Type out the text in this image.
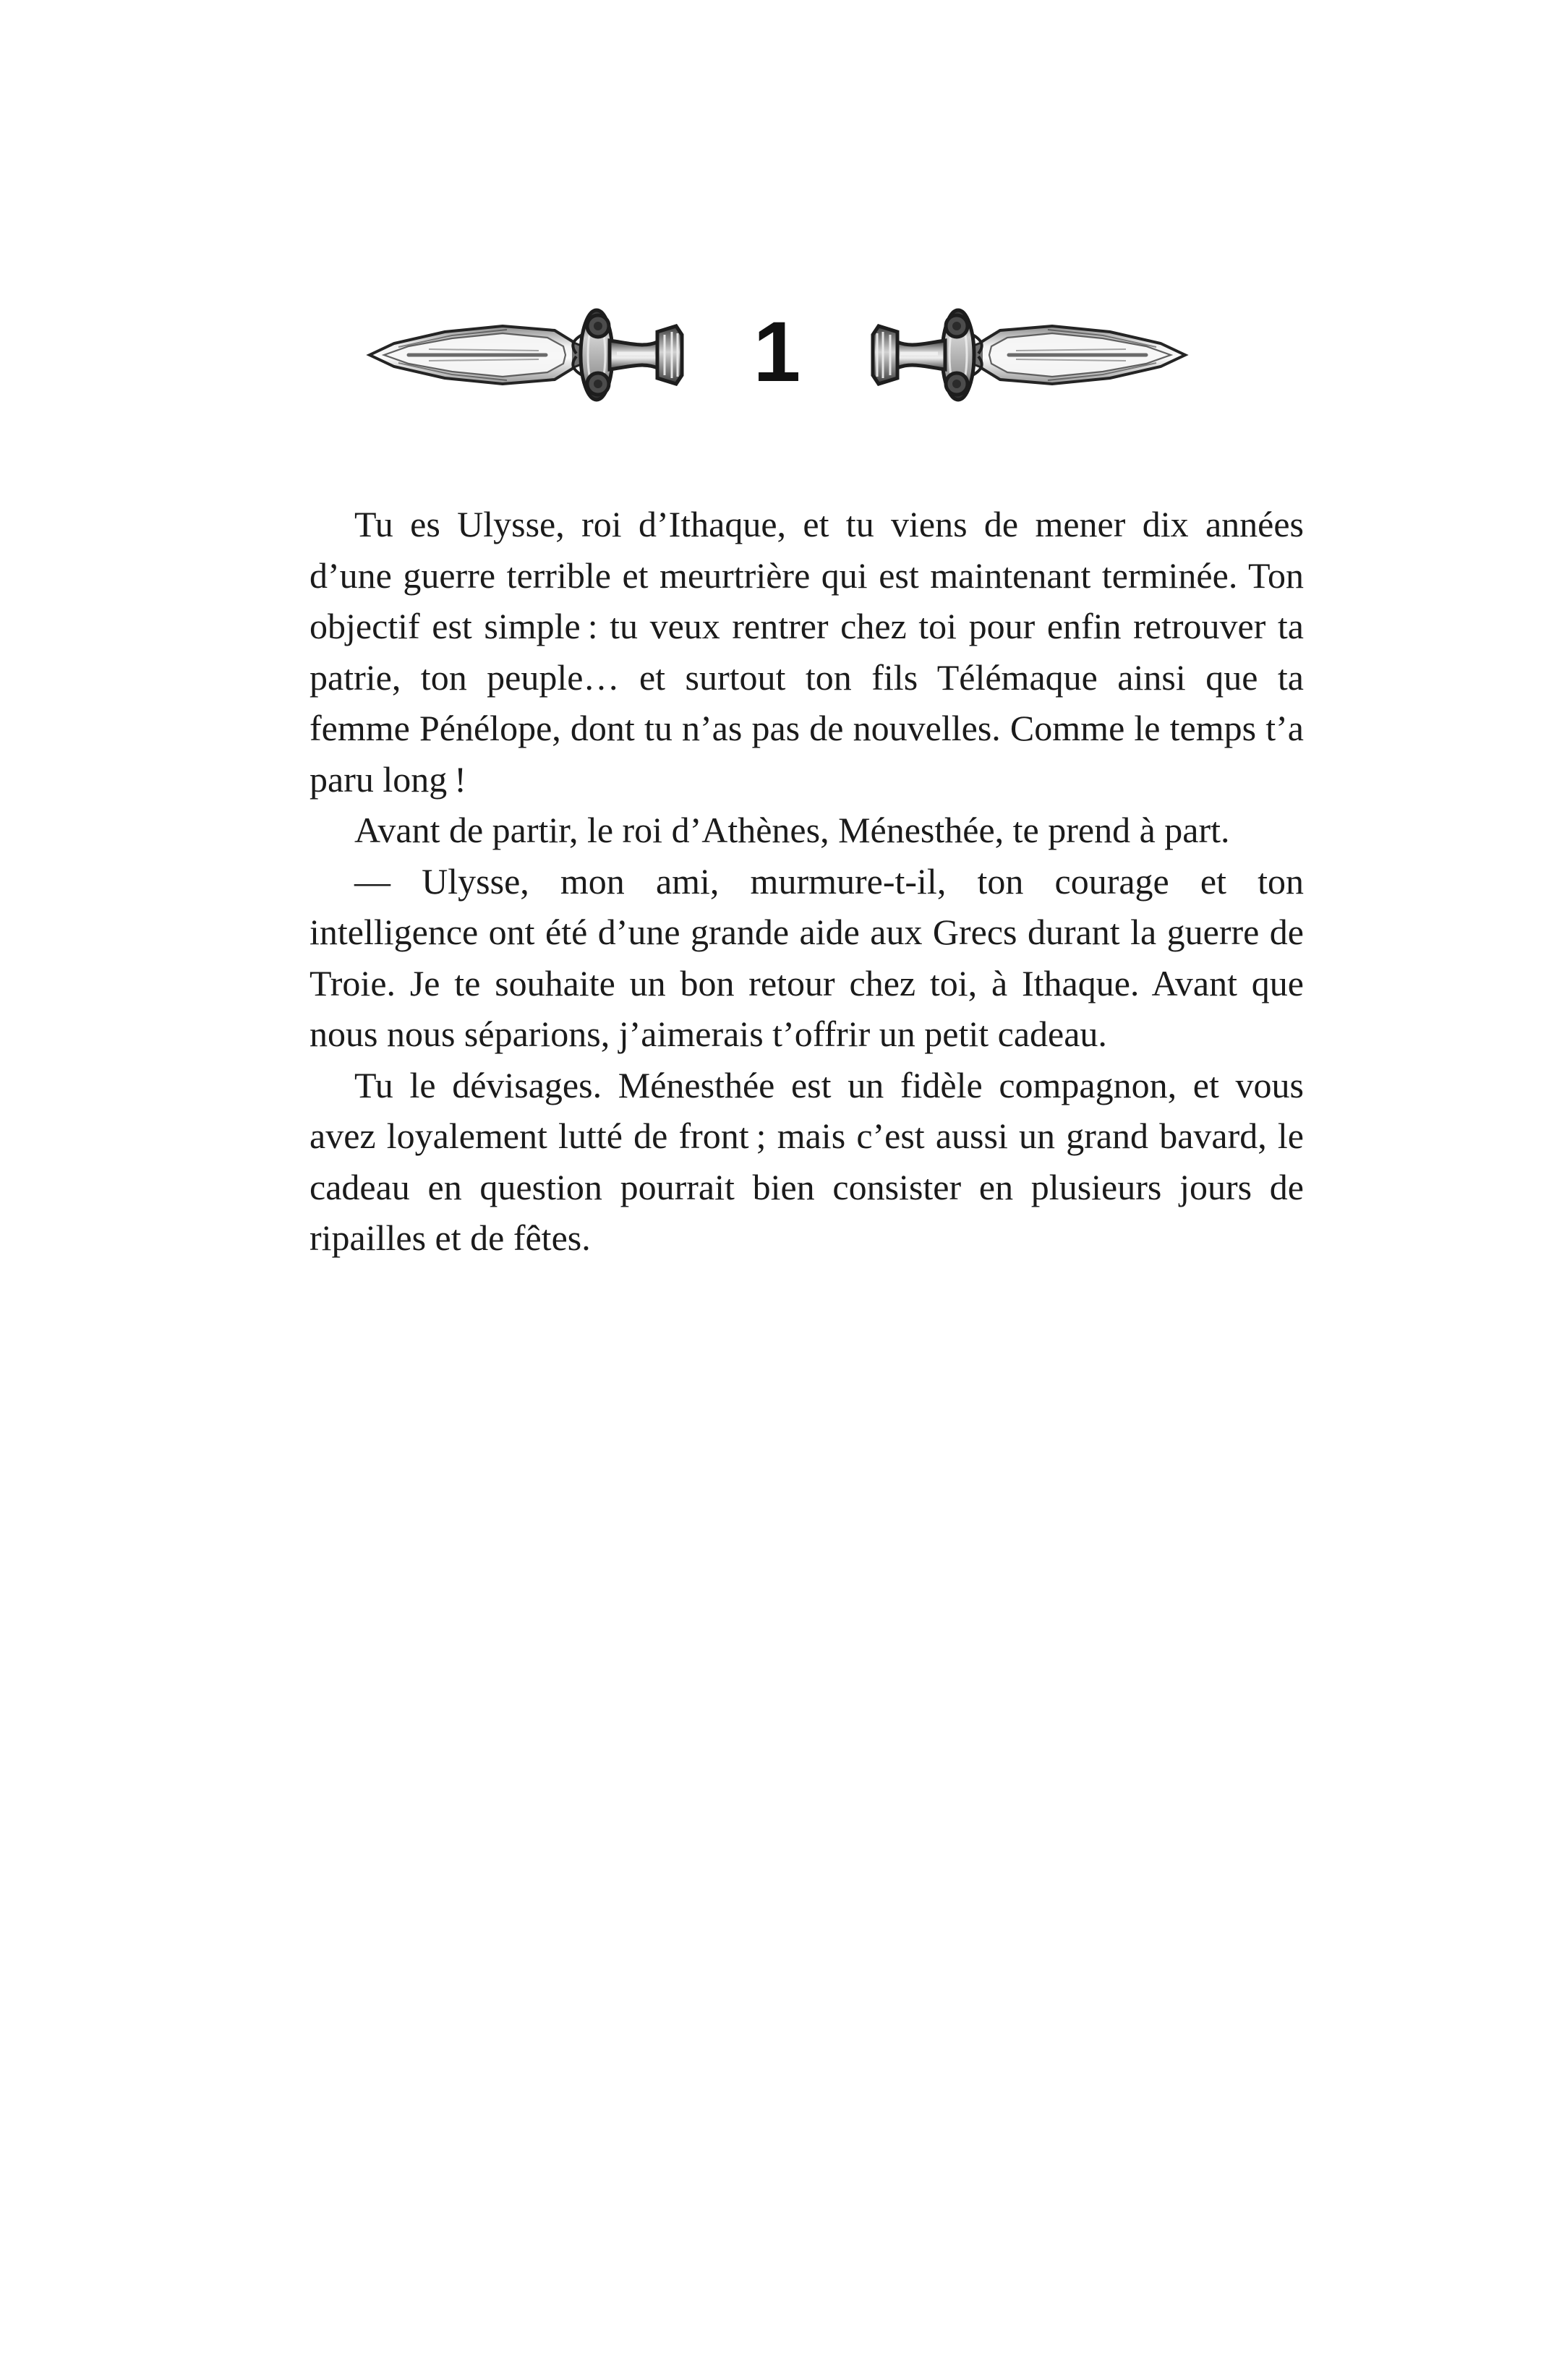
1

Tu es Ulysse, roi d’Ithaque, et tu viens de mener dix années d’une guerre terrible et meurtrière qui est maintenant terminée. Ton objectif est simple : tu veux rentrer chez toi pour enfin retrouver ta patrie, ton peuple… et surtout ton fils Télémaque ainsi que ta femme Pénélope, dont tu n’as pas de nouvelles. Comme le temps t’a paru long !

Avant de partir, le roi d’Athènes, Ménesthée, te prend à part.

— Ulysse, mon ami, murmure-t-il, ton courage et ton intelligence ont été d’une grande aide aux Grecs durant la guerre de Troie. Je te souhaite un bon retour chez toi, à Ithaque. Avant que nous nous séparions, j’aimerais t’offrir un petit cadeau.

Tu le dévisages. Ménesthée est un fidèle compagnon, et vous avez loyalement lutté de front ; mais c’est aussi un grand bavard, le cadeau en question pourrait bien consister en plusieurs jours de ripailles et de fêtes.
